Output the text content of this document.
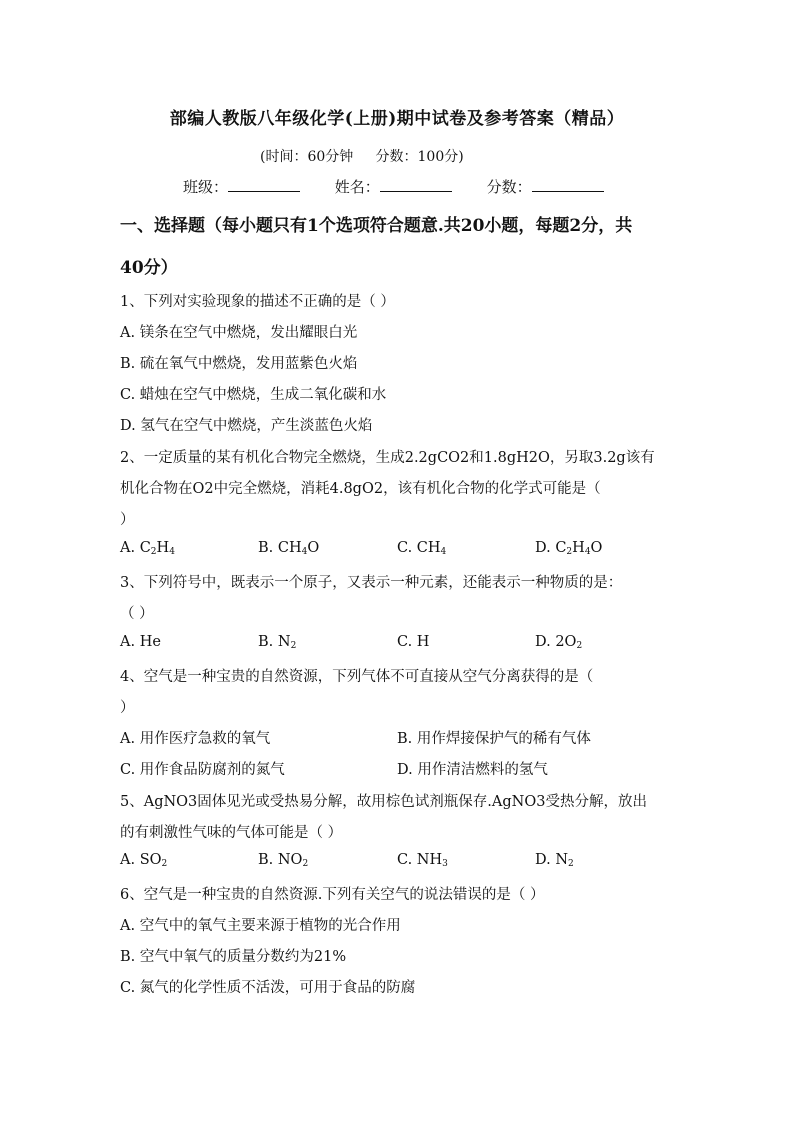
部编人教版八年级化学(上册)期中试卷及参考答案（精品）
(时间：60分钟     分数：100分)
班级：	姓名：	分数：
一、选择题（每小题只有1个选项符合题意.共20小题，每题2分，共
40分）
1、下列对实验现象的描述不正确的是（ ）
A. 镁条在空气中燃烧，发出耀眼白光
B. 硫在氧气中燃烧，发用蓝紫色火焰
C. 蜡烛在空气中燃烧，生成二氧化碳和水
D. 氢气在空气中燃烧，产生淡蓝色火焰
2、一定质量的某有机化合物完全燃烧，生成2.2gCO2和1.8gH2O，另取3.2g该有
机化合物在O2中完全燃烧，消耗4.8gO2，该有机化合物的化学式可能是（
）
A. $C_2H_4$	B. $CH_4O$	C. $CH_4$	D. $C_2H_4O$
3、下列符号中，既表示一个原子，又表示一种元素，还能表示一种物质的是：
（ ）
A. He	B. $N_2$	C. H	D. $2O_2$
4、空气是一种宝贵的自然资源，下列气体不可直接从空气分离获得的是（
）
A. 用作医疗急救的氧气	B. 用作焊接保护气的稀有气体
C. 用作食品防腐剂的氮气	D. 用作清洁燃料的氢气
5、AgNO3固体见光或受热易分解，故用棕色试剂瓶保存.AgNO3受热分解，放出
的有刺激性气味的气体可能是（ ）
A. $SO_2$	B. $NO_2$	C. $NH_3$	D. $N_2$
6、空气是一种宝贵的自然资源.下列有关空气的说法错误的是（ ）
A. 空气中的氧气主要来源于植物的光合作用
B. 空气中氧气的质量分数约为21%
C. 氮气的化学性质不活泼，可用于食品的防腐
